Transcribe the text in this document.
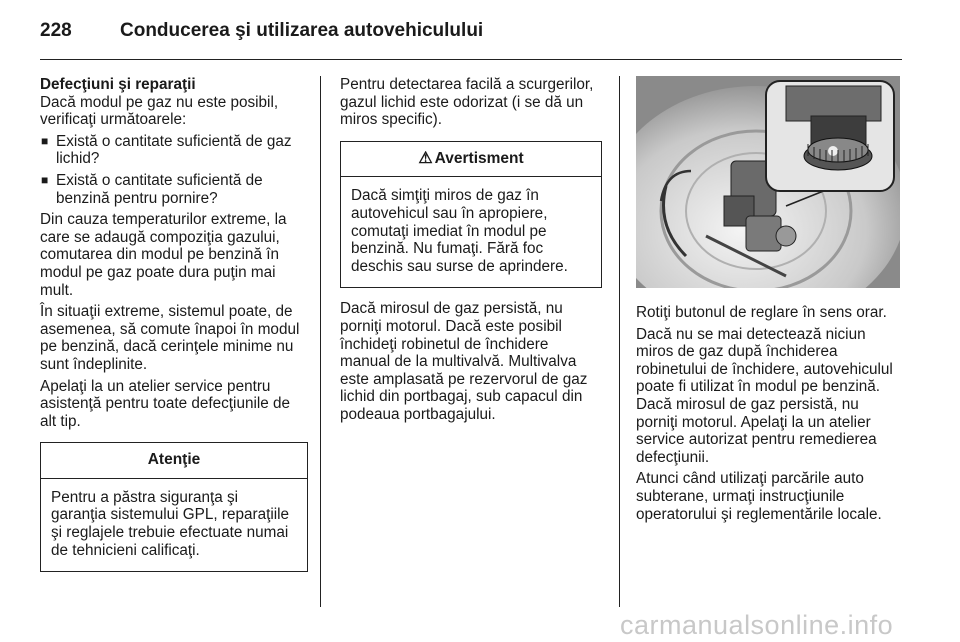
228	Conducerea şi utilizarea autovehiculului
Defecţiuni şi reparaţii

Dacă modul pe gaz nu este posibil, verificaţi următoarele:

■ Există o cantitate suficientă de gaz lichid?
■ Există o cantitate suficientă de benzină pentru pornire?

Din cauza temperaturilor extreme, la care se adaugă compoziţia gazului, comutarea din modul pe benzină în modul pe gaz poate dura puţin mai mult.

În situaţii extreme, sistemul poate, de asemenea, să comute înapoi în modul pe benzină, dacă cerinţele minime nu sunt îndeplinite.

Apelaţi la un atelier service pentru asistenţă pentru toate defecţiunile de alt tip.

Atenţie

Pentru a păstra siguranţa şi garanţia sistemului GPL, reparaţiile şi reglajele trebuie efectuate numai de tehnicieni calificaţi.

Pentru detectarea facilă a scurgerilor, gazul lichid este odorizat (i se dă un miros specific).

⚠ Avertisment

Dacă simţiţi miros de gaz în autovehicul sau în apropiere, comutaţi imediat în modul pe benzină. Nu fumaţi. Fără foc deschis sau surse de aprindere.

Dacă mirosul de gaz persistă, nu porniţi motorul. Dacă este posibil închideţi robinetul de închidere manual de la multivalvă. Multivalva este amplasată pe rezervorul de gaz lichid din portbagaj, sub capacul din podeaua portbagajului.

Rotiţi butonul de reglare în sens orar.

Dacă nu se mai detectează niciun miros de gaz după închiderea robinetului de închidere, autovehiculul poate fi utilizat în modul pe benzină. Dacă mirosul de gaz persistă, nu porniţi motorul. Apelaţi la un atelier service autorizat pentru remedierea defecţiunii.

Atunci când utilizaţi parcările auto subterane, urmaţi instrucţiunile operatorului şi reglementările locale.

carmanualsonline.info
